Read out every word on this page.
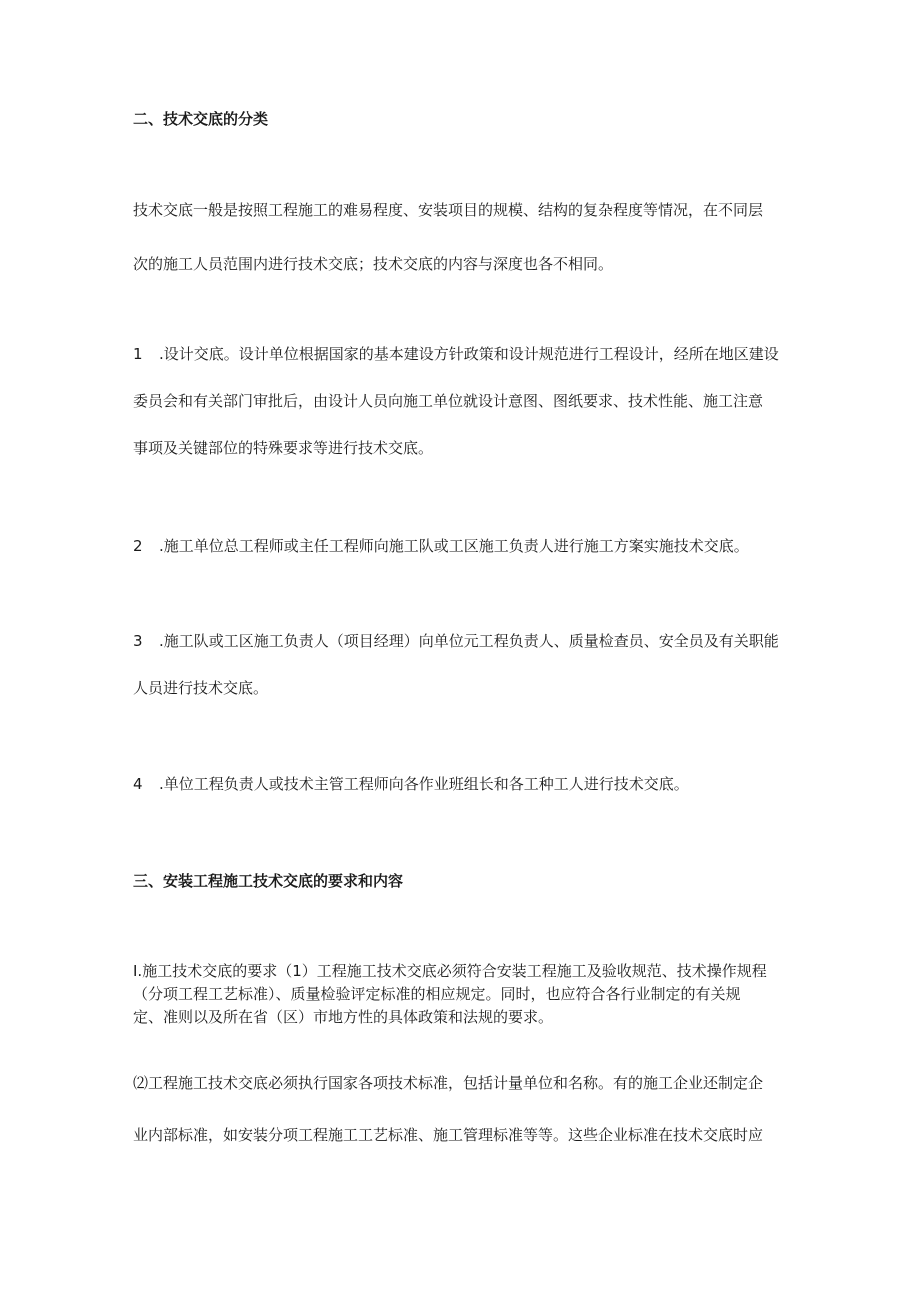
二、技术交底的分类

技术交底一般是按照工程施工的难易程度、安装项目的规模、结构的复杂程度等情况，在不同层
次的施工人员范围内进行技术交底；技术交底的内容与深度也各不相同。
1 .设计交底。设计单位根据国家的基本建设方针政策和设计规范进行工程设计，经所在地区建设
委员会和有关部门审批后，由设计人员向施工单位就设计意图、图纸要求、技术性能、施工注意
事项及关键部位的特殊要求等进行技术交底。
2 .施工单位总工程师或主任工程师向施工队或工区施工负责人进行施工方案实施技术交底。
3 .施工队或工区施工负责人（项目经理）向单位元工程负责人、质量检查员、安全员及有关职能
人员进行技术交底。
4 .单位工程负责人或技术主管工程师向各作业班组长和各工种工人进行技术交底。

三、安装工程施工技术交底的要求和内容

I.施工技术交底的要求（1）工程施工技术交底必须符合安装工程施工及验收规范、技术操作规程
（分项工程工艺标准）、质量检验评定标准的相应规定。同时，也应符合各行业制定的有关规
定、准则以及所在省（区）市地方性的具体政策和法规的要求。
⑵工程施工技术交底必须执行国家各项技术标准，包括计量单位和名称。有的施工企业还制定企
业内部标准，如安装分项工程施工工艺标准、施工管理标准等等。这些企业标准在技术交底时应
